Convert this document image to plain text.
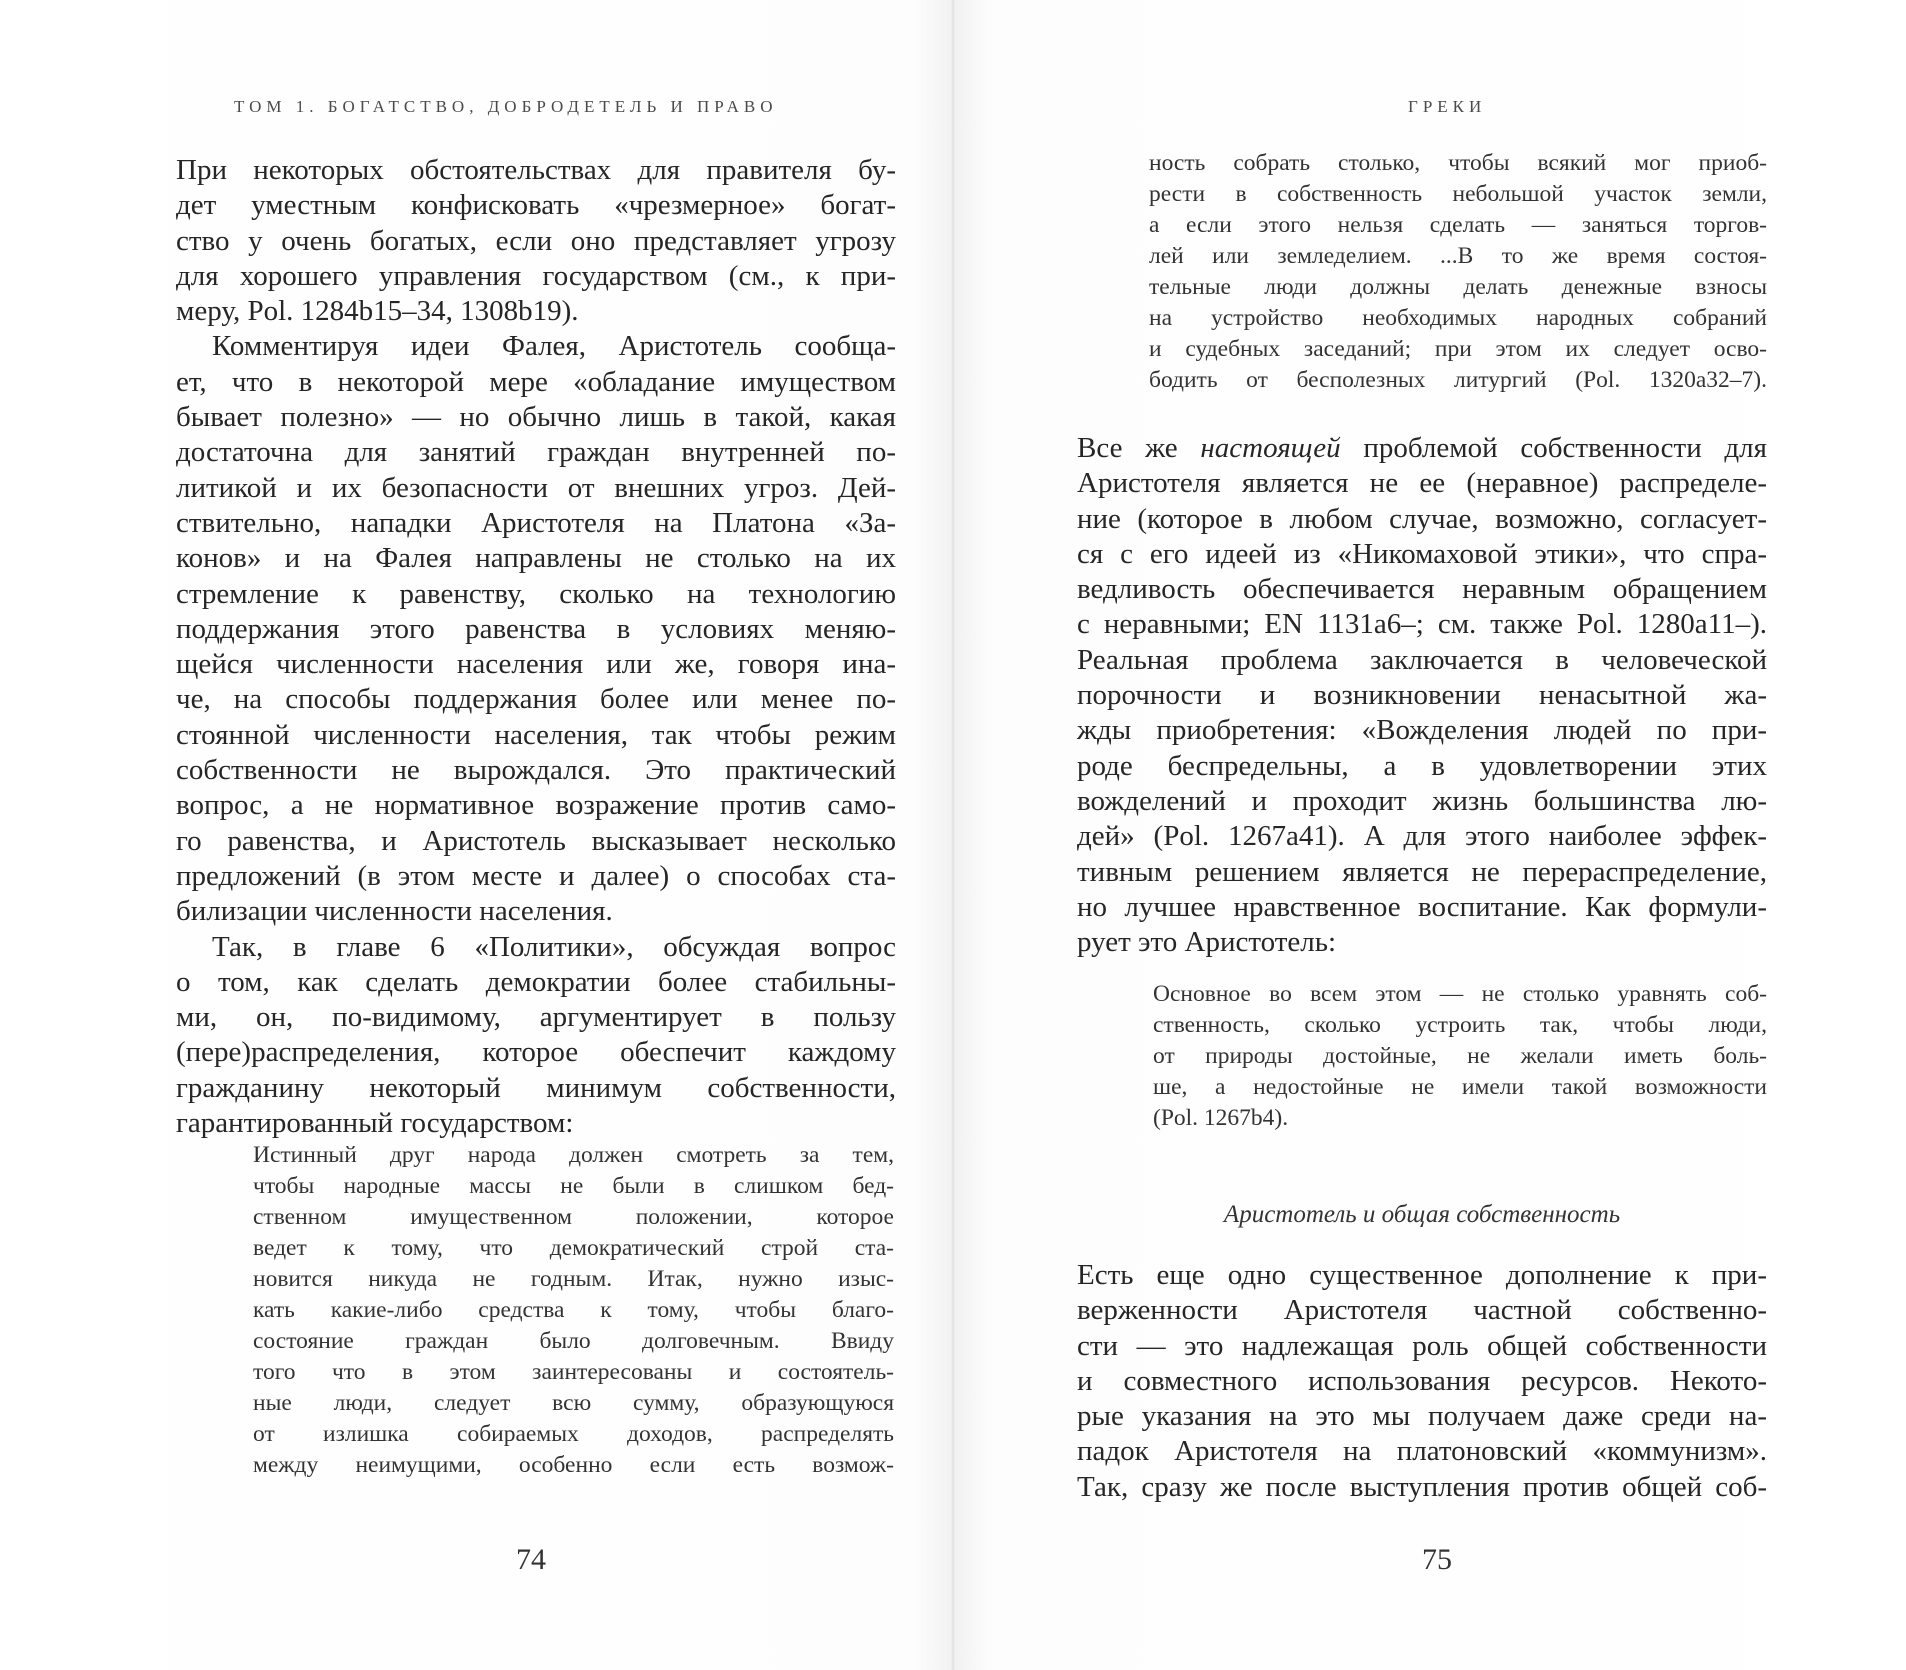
ТОМ 1. БОГАТСТВО, ДОБРОДЕТЕЛЬ И ПРАВО
При некоторых обстоятельствах для правителя бу-
дет уместным конфисковать «чрезмерное» богат-
ство у очень богатых, если оно представляет угрозу
для хорошего управления государством (см., к при-
меру, Pol. 1284b15–34, 1308b19).
Комментируя идеи Фалея, Аристотель сообща-
ет, что в некоторой мере «обладание имуществом
бывает полезно» — но обычно лишь в такой, какая
достаточна для занятий граждан внутренней по-
литикой и их безопасности от внешних угроз. Дей-
ствительно, нападки Аристотеля на Платона «За-
конов» и на Фалея направлены не столько на их
стремление к равенству, сколько на технологию
поддержания этого равенства в условиях меняю-
щейся численности населения или же, говоря ина-
че, на способы поддержания более или менее по-
стоянной численности населения, так чтобы режим
собственности не вырождался. Это практический
вопрос, а не нормативное возражение против само-
го равенства, и Аристотель высказывает несколько
предложений (в этом месте и далее) о способах ста-
билизации численности населения.
Так, в главе 6 «Политики», обсуждая вопрос
о том, как сделать демократии более стабильны-
ми, он, по-видимому, аргументирует в пользу
(пере)распределения, которое обеспечит каждому
гражданину некоторый минимум собственности,
гарантированный государством:
Истинный друг народа должен смотреть за тем,
чтобы народные массы не были в слишком бед-
ственном имущественном положении, которое
ведет к тому, что демократический строй ста-
новится никуда не годным. Итак, нужно изыс-
кать какие-либо средства к тому, чтобы благо-
состояние граждан было долговечным. Ввиду
того что в этом заинтересованы и состоятель-
ные люди, следует всю сумму, образующуюся
от излишка собираемых доходов, распределять
между неимущими, особенно если есть возмож-
74
ГРЕКИ
ность собрать столько, чтобы всякий мог приоб-
рести в собственность небольшой участок земли,
а если этого нельзя сделать — заняться торгов-
лей или земледелием. ...В то же время состоя-
тельные люди должны делать денежные взносы
на устройство необходимых народных собраний
и судебных заседаний; при этом их следует осво-
бодить от бесполезных литургий (Pol. 1320a32–7).
Все же настоящей проблемой собственности для
Аристотеля является не ее (неравное) распределе-
ние (которое в любом случае, возможно, согласует-
ся с его идеей из «Никомаховой этики», что спра-
ведливость обеспечивается неравным обращением
с неравными; EN 1131a6–; см. также Pol. 1280a11–).
Реальная проблема заключается в человеческой
порочности и возникновении ненасытной жа-
жды приобретения: «Вожделения людей по при-
роде беспредельны, а в удовлетворении этих
вожделений и проходит жизнь большинства лю-
дей» (Pol. 1267a41). А для этого наиболее эффек-
тивным решением является не перераспределение,
но лучшее нравственное воспитание. Как формули-
рует это Аристотель:
Основное во всем этом — не столько уравнять соб-
ственность, сколько устроить так, чтобы люди,
от природы достойные, не желали иметь боль-
ше, а недостойные не имели такой возможности
(Pol. 1267b4).
Аристотель и общая собственность
Есть еще одно существенное дополнение к при-
верженности Аристотеля частной собственно-
сти — это надлежащая роль общей собственности
и совместного использования ресурсов. Некото-
рые указания на это мы получаем даже среди на-
падок Аристотеля на платоновский «коммунизм».
Так, сразу же после выступления против общей соб-
75
